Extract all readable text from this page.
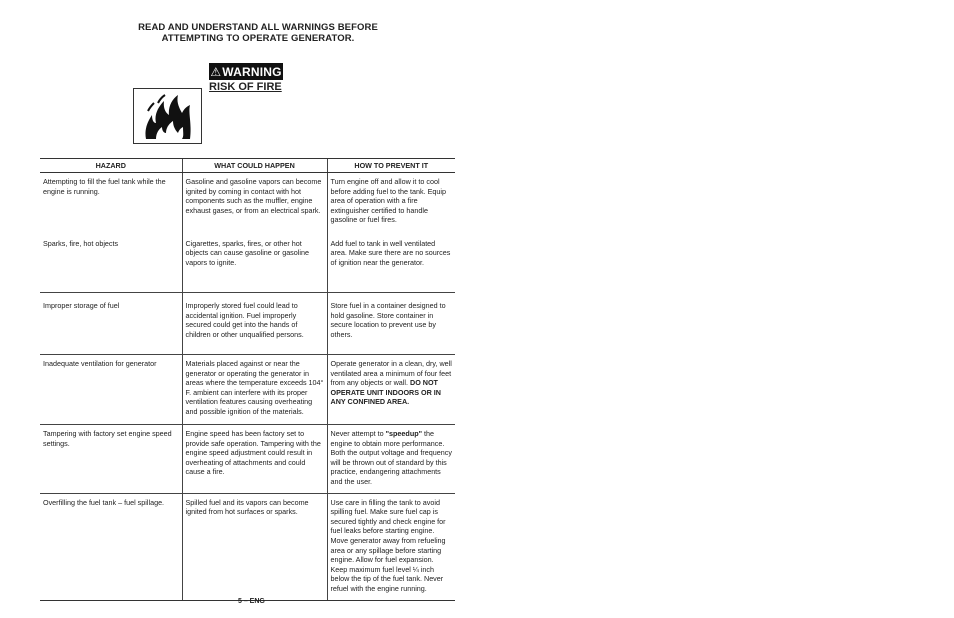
READ AND UNDERSTAND ALL WARNINGS BEFORE
ATTEMPTING TO OPERATE GENERATOR.
⚠ WARNING
RISK OF FIRE
HAZARD	WHAT COULD HAPPEN	HOW TO PREVENT IT
Attempting to fill the fuel tank while the engine is running.	Gasoline and gasoline vapors can become ignited by coming in contact with hot components such as the muffler, engine exhaust gases, or from an electrical spark.	Turn engine off and allow it to cool before adding fuel to the tank. Equip area of operation with a fire extinguisher certified to handle gasoline or fuel fires.
Sparks, fire, hot objects	Cigarettes, sparks, fires, or other hot objects can cause gasoline or gasoline vapors to ignite.	Add fuel to tank in well ventilated area. Make sure there are no sources of ignition near the generator.
Improper storage of fuel	Improperly stored fuel could lead to accidental ignition. Fuel improperly secured could get into the hands of children or other unqualified persons.	Store fuel in a container designed to hold gasoline. Store container in secure location to prevent use by others.
Inadequate ventilation for generator	Materials placed against or near the generator or operating the generator in areas where the temperature exceeds 104° F. ambient can interfere with its proper ventilation features causing overheating and possible ignition of the materials.	Operate generator in a clean, dry, well ventilated area a minimum of four feet from any objects or wall. DO NOT OPERATE UNIT INDOORS OR IN ANY CONFINED AREA.
Tampering with factory set engine speed settings.	Engine speed has been factory set to provide safe operation. Tampering with the engine speed adjustment could result in overheating of attachments and could cause a fire.	Never attempt to "speedup" the engine to obtain more performance. Both the output voltage and frequency will be thrown out of standard by this practice, endangering attachments and the user.
Overfilling the fuel tank – fuel spillage.	Spilled fuel and its vapors can become ignited from hot surfaces or sparks.	Use care in filling the tank to avoid spilling fuel. Make sure fuel cap is secured tightly and check engine for fuel leaks before starting engine. Move generator away from refueling area or any spillage before starting engine. Allow for fuel expansion. Keep maximum fuel level ¼ inch below the tip of the fuel tank. Never refuel with the engine running.
5 – ENG
